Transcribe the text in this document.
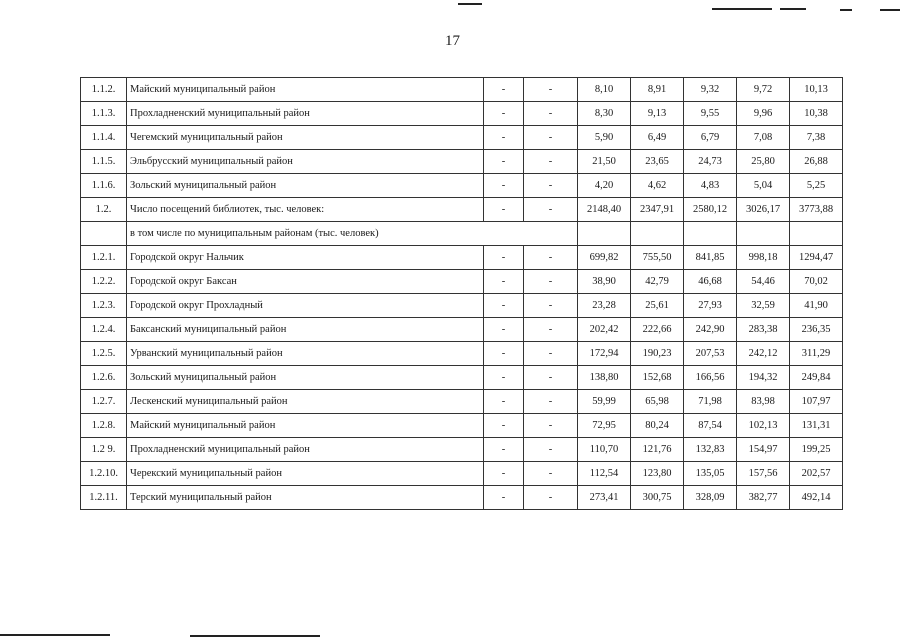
17
1.1.2.	Майский муниципальный район	-	-	8,10	8,91	9,32	9,72	10,13
1.1.3.	Прохладненский муниципальный район	-	-	8,30	9,13	9,55	9,96	10,38
1.1.4.	Чегемский муниципальный район	-	-	5,90	6,49	6,79	7,08	7,38
1.1.5.	Эльбрусский муниципальный район	-	-	21,50	23,65	24,73	25,80	26,88
1.1.6.	Зольский муниципальный район	-	-	4,20	4,62	4,83	5,04	5,25
1.2.	Число посещений библиотек, тыс. человек:	-	-	2148,40	2347,91	2580,12	3026,17	3773,88
	в том числе по муниципальным районам (тыс. человек)							
1.2.1.	Городской округ Нальчик	-	-	699,82	755,50	841,85	998,18	1294,47
1.2.2.	Городской округ Баксан	-	-	38,90	42,79	46,68	54,46	70,02
1.2.3.	Городской округ Прохладный	-	-	23,28	25,61	27,93	32,59	41,90
1.2.4.	Баксанский муниципальный район	-	-	202,42	222,66	242,90	283,38	236,35
1.2.5.	Урванский муниципальный район	-	-	172,94	190,23	207,53	242,12	311,29
1.2.6.	Зольский муниципальный район	-	-	138,80	152,68	166,56	194,32	249,84
1.2.7.	Лескенский муниципальный район	-	-	59,99	65,98	71,98	83,98	107,97
1.2.8.	Майский муниципальный район	-	-	72,95	80,24	87,54	102,13	131,31
1.2 9.	Прохладненский муниципальный район	-	-	110,70	121,76	132,83	154,97	199,25
1.2.10.	Черекский муниципальный район	-	-	112,54	123,80	135,05	157,56	202,57
1.2.11.	Терский муниципальный район	-	-	273,41	300,75	328,09	382,77	492,14
